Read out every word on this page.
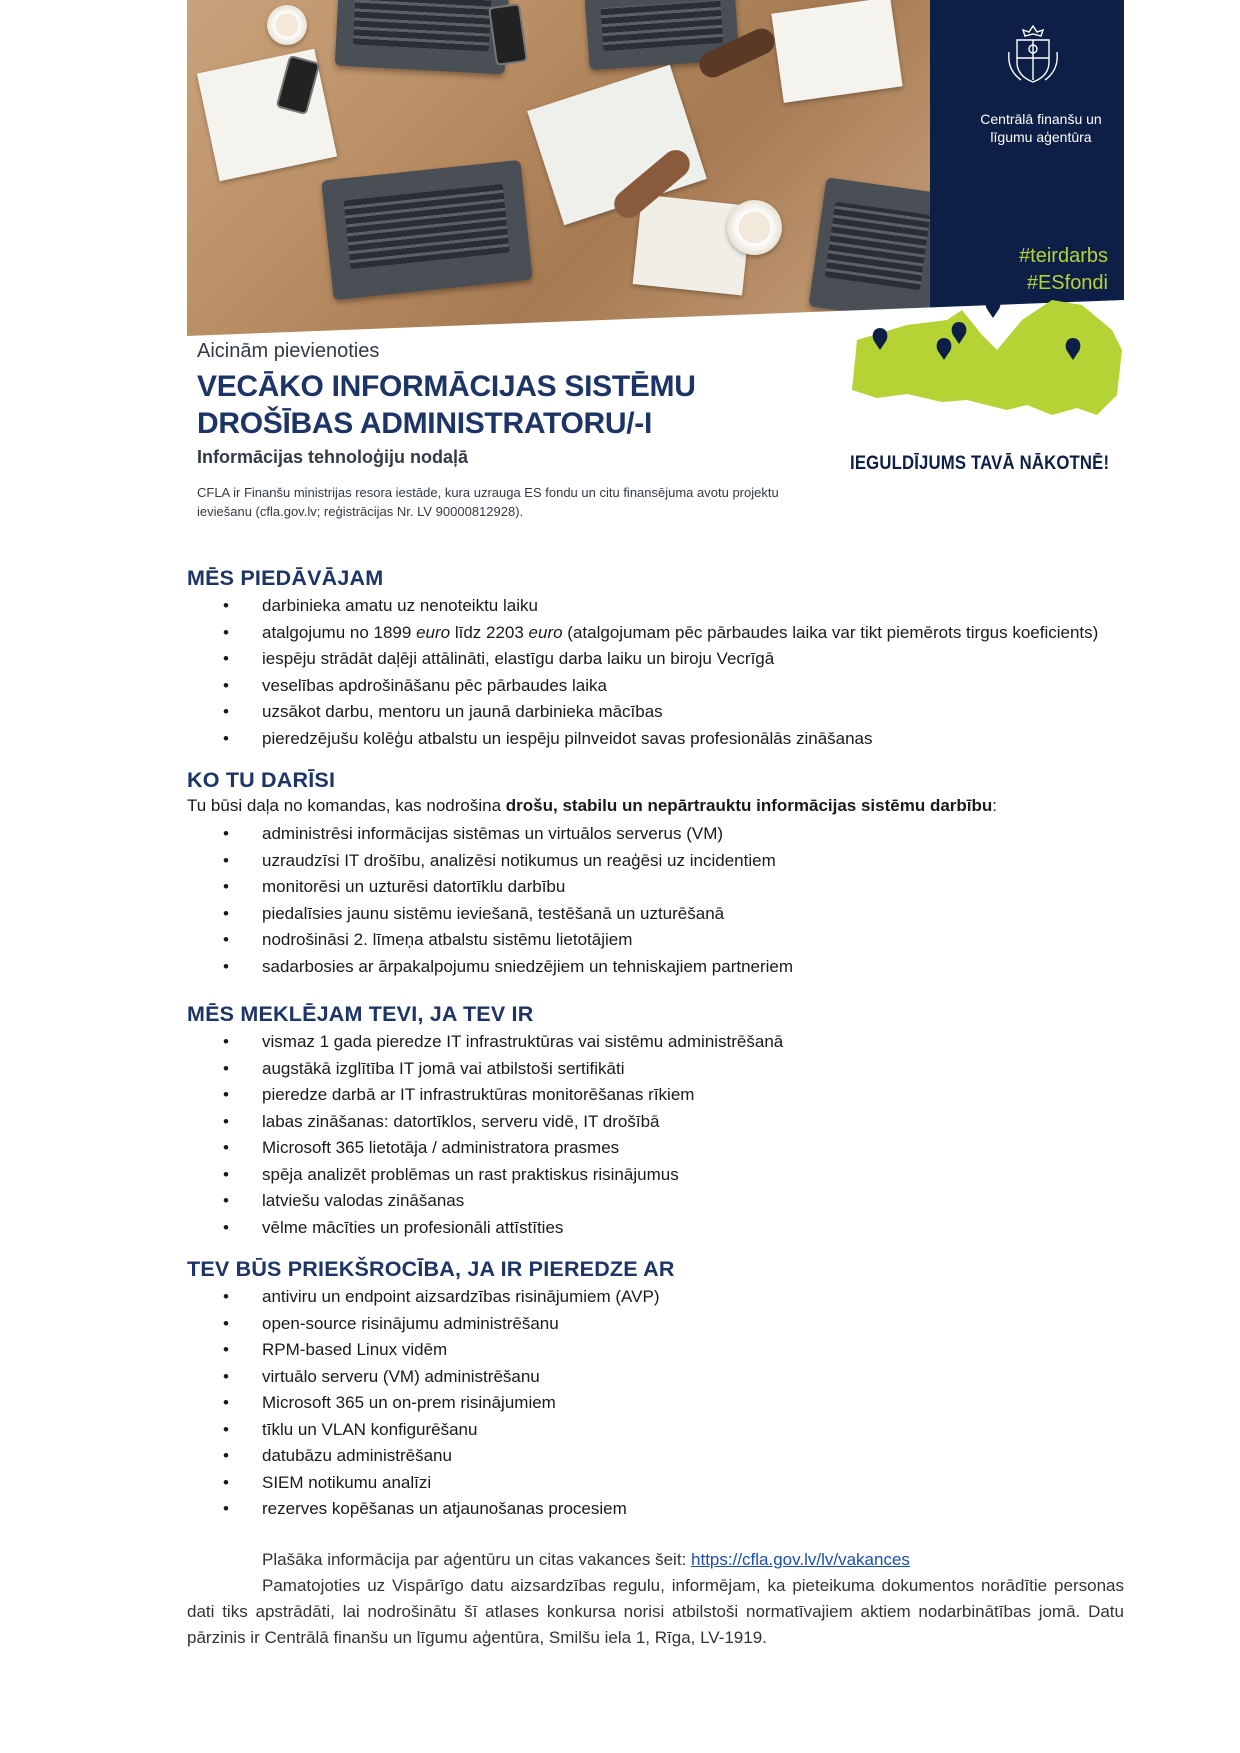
Centrālā finanšu un līgumu aģentūra
#teirdarbs
#ESfondi
IEGULDĪJUMS TAVĀ NĀKOTNĒ!
Aicinām pievienoties
VECĀKO INFORMĀCIJAS SISTĒMU
DROŠĪBAS ADMINISTRATORU/-I
Informācijas tehnoloģiju nodaļā
CFLA ir Finanšu ministrijas resora iestāde, kura uzrauga ES fondu un citu finansējuma avotu projektu ieviešanu (cfla.gov.lv; reģistrācijas Nr. LV 90000812928).
MĒS PIEDĀVĀJAM
• darbinieka amatu uz nenoteiktu laiku
• atalgojumu no 1899 euro līdz 2203 euro (atalgojumam pēc pārbaudes laika var tikt piemērots tirgus koeficients)
• iespēju strādāt daļēji attālināti, elastīgu darba laiku un biroju Vecrīgā
• veselības apdrošināšanu pēc pārbaudes laika
• uzsākot darbu, mentoru un jaunā darbinieka mācības
• pieredzējušu kolēģu atbalstu un iespēju pilnveidot savas profesionālās zināšanas
KO TU DARĪSI
Tu būsi daļa no komandas, kas nodrošina drošu, stabilu un nepārtrauktu informācijas sistēmu darbību:
• administrēsi informācijas sistēmas un virtuālos serverus (VM)
• uzraudzīsi IT drošību, analizēsi notikumus un reaģēsi uz incidentiem
• monitorēsi un uzturēsi datortīklu darbību
• piedalīsies jaunu sistēmu ieviešanā, testēšanā un uzturēšanā
• nodrošināsi 2. līmeņa atbalstu sistēmu lietotājiem
• sadarbosies ar ārpakalpojumu sniedzējiem un tehniskajiem partneriem
MĒS MEKLĒJAM TEVI, JA TEV IR
• vismaz 1 gada pieredze IT infrastruktūras vai sistēmu administrēšanā
• augstākā izglītība IT jomā vai atbilstoši sertifikāti
• pieredze darbā ar IT infrastruktūras monitorēšanas rīkiem
• labas zināšanas: datortīklos, serveru vidē, IT drošībā
• Microsoft 365 lietotāja / administratora prasmes
• spēja analizēt problēmas un rast praktiskus risinājumus
• latviešu valodas zināšanas
• vēlme mācīties un profesionāli attīstīties
TEV BŪS PRIEKŠROCĪBA, JA IR PIEREDZE AR
• antiviru un endpoint aizsardzības risinājumiem (AVP)
• open-source risinājumu administrēšanu
• RPM-based Linux vidēm
• virtuālo serveru (VM) administrēšanu
• Microsoft 365 un on-prem risinājumiem
• tīklu un VLAN konfigurēšanu
• datubāzu administrēšanu
• SIEM notikumu analīzi
• rezerves kopēšanas un atjaunošanas procesiem
Plašāka informācija par aģentūru un citas vakances šeit: https://cfla.gov.lv/lv/vakances
Pamatojoties uz Vispārīgo datu aizsardzības regulu, informējam, ka pieteikuma dokumentos norādītie personas dati tiks apstrādāti, lai nodrošinātu šī atlases konkursa norisi atbilstoši normatīvajiem aktiem nodarbinātības jomā. Datu pārzinis ir Centrālā finanšu un līgumu aģentūra, Smilšu iela 1, Rīga, LV-1919.
